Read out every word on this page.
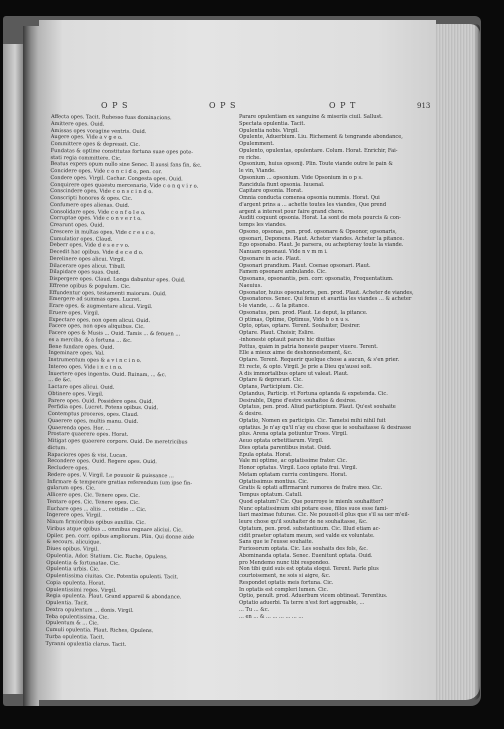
O P S	O P S	O P T	913
Affecta opes. Tacit. Ruhesso fuas dominacions.
Amittere opes. Ouid.
Amissas opes voragine ventris. Ouid.
Augere opes. Vide a v g e o.
Committere opes & depressit. Cic.
Fundatas & optime constitutas fortuna suae opes pote-
stati regia committere. Cic.
Beatus expers opum nullo sine Senec. Il aussi fans fin, &c.
Concidere opes, Vide c o n c i d o, pen. cor.
Condere opes. Virgil. Cachar. Congesta opes. Ouid.
Conquirere opes quaestu mercenario, Vide c o n q v i r o.
Conscindere opes, Vide c o n s c i n d o.
Conscripti honores & opes. Cic.
Confumere opes alienas. Ouid.
Consolidare opes. Vide c o n f o l e o.
Corruptae opes. Vide c o n v e r t o.
Crearunt opes. Ouid.
Crescere in multas opes, Vide c r e s c o.
Cumulatior opes. Claud.
Deberr opes, Vide d e s e r v o.
Decedit hac opibus. Vide d e c e d o.
Derelinere opes alicui. Virgil.
Dilacerare opes alicui. Tibull.
Dilapidare opes suas. Ouid.
Dispergere opes. Claud. Longa dabuntur opes. Ouid.
Effrene opibus & populum. Cic.
Effundentur opes, testamenti maiorum. Ouid.
Emergere ad summas opes. Lucret.
Erare opes, & augmentare alicui. Virgil.
Eruere opes. Virgil.
Expectare opes, non opem alicui. Ouid.
Facere opes, non opes aliquibus. Cic.
Facere opes & Musis ... Ouid. Tamis ... & fenuen ...
es a merciba, & a fortuna ... &c.
Bene fundare opes. Ouid.
Ingeminare opes. Val.
Instrumentum opes & a v i n c i n o.
Intereo opes. Vide i n c i n o.
Inuertere opes ingentis. Ouid. Ruinam, ... &c.
... de &c.
Lactare opes alicui. Ouid.
Obtinere opes. Virgil.
Parere opes. Ouid. Possidere opes. Ouid.
Perfidia opes. Lucret. Potens opibus. Ouid.
Contemptus proceres, opes. Claud.
Quaerere opes, multis manu. Ouid.
Quaerenda opes. Hor. ...
Prostare quaerere opes. Horat.
Mitigat opes quaerere corpore. Ouid. De meretricibus
dictum.
Rapaciores opes & visi. Lucan.
Recondere opes. Ouid. Regere opes. Ouid.
Recludere opes.
Redere opes. V. Virgil. Le pouuoir & puissance ...
Infirmare & temperare gratias referendum (um ipse fin-
gularum opes. Cic.
Allicere opes. Cic. Tenere opes. Cic.
Tentare opes. Cic. Tenere opes. Cic.
Euchare opes ... aliis ... cottidie ... Cic.
Ingerere opes. Virgil.
Nixum firmioribus opibus auxiliis. Cic.
Viribus atque opibus ... omnibus regnare aliciui. Cic.
Opiler, pen. corr. opibus ampliorum. Plin. Qui donne aide
& secours, alicuique.
Diues opibus. Virgil.
Opulentia, Ador. Statium. Cic. Ruche, Opulens.
Opulentia & fortunatae. Cic.
Opulentia urbis. Cic.
Opulentissima ciuitas. Cic. Potentia opulenti. Tacit.
Copia opulenta. Horat.
Opulentissimi reges. Virgil.
Regia opulenta. Plaut. Grand appareil & abondance.
Opulentia. Tacit.
Dextra opulentum ... donis. Virgil.
Teba opulentissima. Cic.
Opulentum & ... Cic.
Cumuli opulentia. Plaut. Riches, Opulens.
Turba opulentia. Tacit.
Tyranni opulentia clarus. Tacit.
Parare opulentiam ex sanguine & miseriis ciuil. Sallust.
Spectata opulentia. Tacit.
Opulentia nobis. Virgil.
Opulente, Aduerbium. Liu. Richement & tengrande abondance,
Opulemment.
Opulento, opulentas, opulentare. Colum. Horat. Enrichir, Fai-
re riche.
Opsonium, huius opsonij. Plin. Toute viande outre le pain &
le vin, Viande.
Opsonium ... opsonium. Vide Opsonium in o p s.
Rancidula fiunt opsonia. Iuuenal.
Capitare opsonia. Horat.
Omnia conducta comensa opsonia nummis. Horat. Qui
d'argent prins a ... achette toutes les viandes, Que prend
argent a interest pour faire grand chere.
Auditi coquunt opsonia. Horat. La sont de mots pourcis & con-
temps les viandes.
Opsono, opsonas, pen. prod. opsonare & Opsonor, opsonaris,
opsonari, Deponens. Plaut. Acheter viandes. Acheter la pitance.
Ego opsonabo. Plaut. Je parsera, ou achepteray toute la viande.
Nanuam opsonaui. Vide n v m m i.
Opsonare in acie. Plaut.
Opsonari prandium. Plaut. Coenae opsonari. Plaut.
Famem opsonare ambulando. Cic.
Opsonans, opsonantis, pen. corr. opsonatio, Frequentatium.
Naeuius.
Opsonator, huius opsonatoris, pen. prod. Plaut. Acheter de viandes,
Opsonatores. Senec. Qui fenun et avaritia les viandes ... & acheter
t-le viande, ... & la pitance.
Opsonatus, pen. prod. Plaut. Le deput, la pitance.
O ptimas, Optime, Optimus, Vide b o n u s.
Opto, optas, optare. Terent. Souhaiter, Desirer.
Optare. Plaut. Choisir, Eslire.
-inhonestè optauit parare hic diuitias
Pottus, quàm in patria honestè pauper viuere. Terent.
Elle a mieux aime de deshonnestement, &c.
Optare. Terent. Requerir quelque chose a aucun, & s'en prier.
Et recte, & opto. Virgil. Je prie a Dieu qu'aussi soit.
A dis immortalibus optare ut valeat. Plaut.
Optare & deprecari. Cic.
Optans, Participium. Cic.
Optandus, Particip. vt Fortuna optanda & expetenda. Cic.
Desirable, Digne d'estre souhaitee & desiree.
Optatus, pen. prod. Aliud participium. Plaut. Qu'est souhaite
& desire.
Optatio, Nomen ex participio. Cic. Tametsi mihi nihil fuit
optatius. Je n'ay qu'il n'ay eu chose que ie souhaitasse & desirasse
plus. Arena optata potiuntur Troes. Virgil.
Aeuo optata orbetitiarum. Virgil.
Dies optata parentibus instat. Ouid.
Epula optata. Horat.
Vale mi optime, ac optatissime frater. Cic.
Honor optatus. Virgil. Loco optato frui. Virgil.
Metam optatam curriu contingere. Horat.
Optatissimus montius. Cic.
Gratis & optati affirmarunt rumores de fratre meo. Cic.
Tempus optatum. Catull.
Quod optatum? Cic. Que pourroye ie mienlx souhaitter?
Nunc optatissimum sibi potare esse, filios suos esse fami-
liari maximae futurae. Cic. Ne pouuoit-il plus que s'il sa uer m'eil-
leure chose qu'il souhaiter de ne souhaitasse, &c.
Optatum, pen. prod. substantiuum. Cic. Illud etiam ac-
cidit praeter optatum meum, sed valde ex voluntate.
Sans que ie l'eusse souhaite.
Furiosorum optata. Cic. Les souhaits des fols, &c.
Abominanda optata. Senec. Euenitunt optata. Ouid.
pro Mendemo nunc tibi respondeo.
Non tibi quid suis est optata eloqui. Terent. Parle plus
courtoisement, ne sois si aigre, &c.
Respondet optatis meis fortuna. Cic.
In optatis est compleri lumen. Cic.
Optio, penult. prod. Aduerbum vicem obtineat. Terentius.
Optatio aduerbi. Ta terre n'est fort aggreable, ...
... Tu ... &c.
... en ... & ... ... ... ... ... ...
